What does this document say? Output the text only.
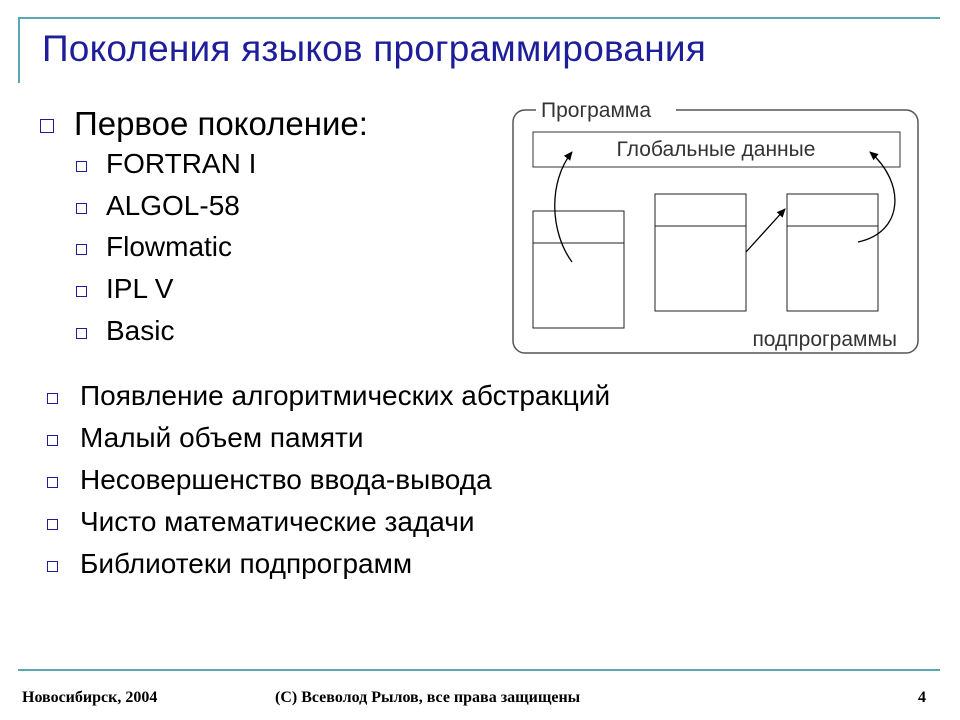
Поколения языков программирования
Первое поколение:
FORTRAN I
ALGOL-58
Flowmatic
IPL V
Basic
Появление алгоритмических абстракций
Малый объем памяти
Несовершенство ввода-вывода
Чисто математические задачи
Библиотеки подпрограмм
Программа
Глобальные данные
подпрограммы
Новосибирск, 2004	(C) Всеволод Рылов, все права защищены	4
